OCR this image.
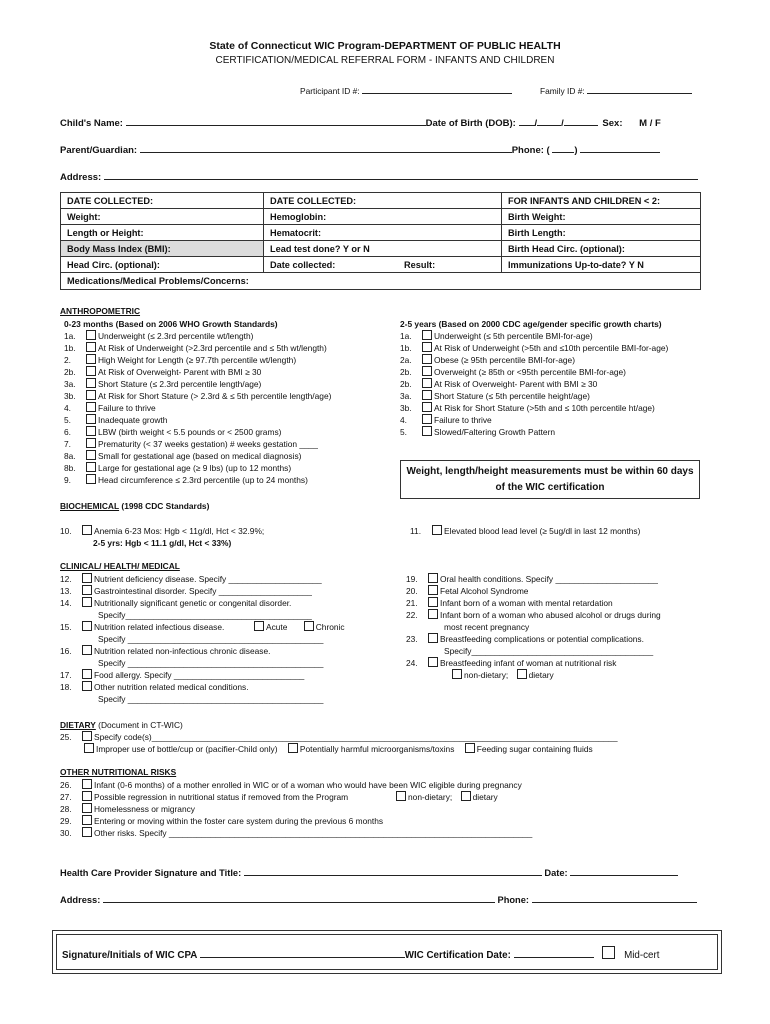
State of Connecticut WIC Program-DEPARTMENT OF PUBLIC HEALTH
CERTIFICATION/MEDICAL REFERRAL FORM - INFANTS AND CHILDREN
Participant ID #:	Family ID #:
Child's Name:	Date of Birth (DOB): /	/	Sex: M / F
Parent/Guardian:	Phone: (	)
Address:
DATE COLLECTED:	DATE COLLECTED:	FOR INFANTS AND CHILDREN < 2:
Weight:	Hemoglobin:	Birth Weight:
Length or Height:	Hematocrit:	Birth Length:
Body Mass Index (BMI):	Lead test done? Y or N	Birth Head Circ. (optional):
Head Circ. (optional):	Date collected: Result:	Immunizations Up-to-date? Y N
Medications/Medical Problems/Concerns:		
ANTHROPOMETRIC
0-23 months (Based on 2006 WHO Growth Standards)
1a.	Underweight (≤ 2.3rd percentile wt/length)
1b.	At Risk of Underweight (>2.3rd percentile and ≤ 5th wt/length)
2.	High Weight for Length (≥ 97.7th percentile wt/length)
2b.	At Risk of Overweight- Parent with BMI ≥ 30
3a.	Short Stature (≤ 2.3rd percentile length/age)
3b.	At Risk for Short Stature (> 2.3rd & ≤ 5th percentile length/age)
4.	Failure to thrive
5.	Inadequate growth
6.	LBW (birth weight < 5.5 pounds or < 2500 grams)
7.	Prematurity (< 37 weeks gestation) # weeks gestation ____
8a.	Small for gestational age (based on medical diagnosis)
8b.	Large for gestational age (≥ 9 lbs) (up to 12 months)
9.	Head circumference ≤ 2.3rd percentile (up to 24 months)
2-5 years (Based on 2000 CDC age/gender specific growth charts)
1a.	Underweight (≤ 5th percentile BMI-for-age)
1b.	At Risk of Underweight (>5th and ≤10th percentile BMI-for-age)
2a.	Obese (≥ 95th percentile BMI-for-age)
2b.	Overweight (≥ 85th or <95th percentile BMI-for-age)
2b.	At Risk of Overweight- Parent with BMI ≥ 30
3a.	Short Stature (≤ 5th percentile height/age)
3b.	At Risk for Short Stature (>5th and ≤ 10th percentile ht/age)
4.	Failure to thrive
5.	Slowed/Faltering Growth Pattern
Weight, length/height measurements must be within 60 days of the WIC certification
BIOCHEMICAL (1998 CDC Standards)
10.	Anemia 6-23 Mos: Hgb < 11g/dl, Hct < 32.9%;
2-5 yrs: Hgb < 11.1 g/dl, Hct < 33%)
11.	Elevated blood lead level (≥ 5ug/dl in last 12 months)
CLINICAL/ HEALTH/ MEDICAL
12.	Nutrient deficiency disease. Specify ____________________
13.	Gastrointestinal disorder. Specify ____________________
14.	Nutritionally significant genetic or congenital disorder.
Specify________________________________________
15.	Nutrition related infectious disease.
Specify __________________________________________
16.	Nutrition related non-infectious chronic disease.
Specify __________________________________________
17.	Food allergy. Specify ____________________________
18.	Other nutrition related medical conditions.
Specify __________________________________________
Acute	Chronic
19.	Oral health conditions. Specify ______________________
20.	Fetal Alcohol Syndrome
21.	Infant born of a woman with mental retardation
22.	Infant born of a woman who abused alcohol or drugs during
most recent pregnancy
23.	Breastfeeding complications or potential complications.
Specify_______________________________________
24.	Breastfeeding infant of woman at nutritional risk
non-dietary; dietary
DIETARY (Document in CT-WIC)
25.	Specify code(s)____________________________________________________________________________________________________
Improper use of bottle/cup or (pacifier-Child only)	Potentially harmful microorganisms/toxins	Feeding sugar containing fluids
OTHER NUTRITIONAL RISKS
26.	Infant (0-6 months) of a mother enrolled in WIC or of a woman who would have been WIC eligible during pregnancy
27.	Possible regression in nutritional status if removed from the Program
28.	Homelessness or migrancy
29.	Entering or moving within the foster care system during the previous 6 months
30.	Other risks. Specify ______________________________________________________________________________
non-dietary; dietary
Health Care Provider Signature and Title:	Date:
Address:	Phone:
Signature/Initials of WIC CPA	WIC Certification Date:	Mid-cert
